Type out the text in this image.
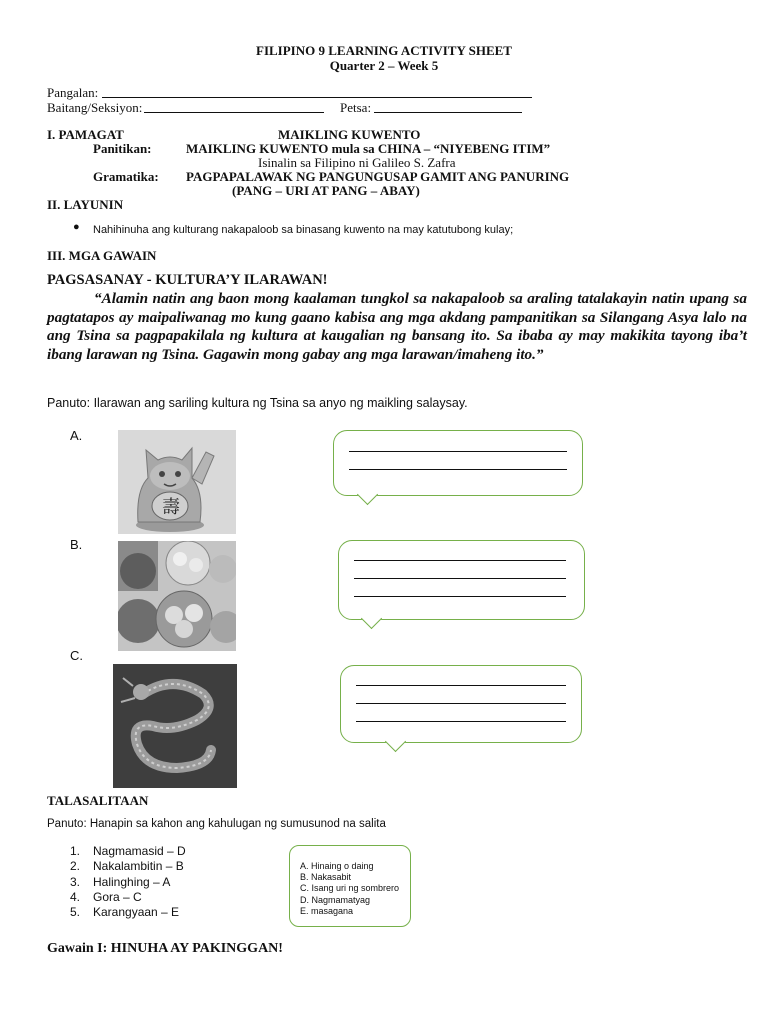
FILIPINO 9 LEARNING ACTIVITY SHEET
Quarter 2 – Week 5
Pangalan:
Baitang/Seksiyon:	Petsa:
I. PAMAGAT	MAIKLING KUWENTO
Panitikan:	MAIKLING KUWENTO mula sa CHINA – “NIYEBENG ITIM”
Isinalin sa Filipino ni Galileo S. Zafra
Gramatika: PAGPAPALAWAK NG PANGUNGUSAP GAMIT ANG PANURING
(PANG – URI AT PANG – ABAY)
II. LAYUNIN
● Nahihinuha ang kulturang nakapaloob sa binasang kuwento na may katutubong kulay;
III. MGA GAWAIN
PAGSASANAY - KULTURA’Y ILARAWAN!
“Alamin natin ang baon mong kaalaman tungkol sa nakapaloob sa araling tatalakayin natin upang sa pagtatapos ay maipaliwanag mo kung gaano kabisa ang mga akdang pampanitikan sa Silangang Asya lalo na ang Tsina sa pagpapakilala ng kultura at kaugalian ng bansang ito. Sa ibaba ay may makikita tayong iba’t ibang larawan ng Tsina. Gagawin mong gabay ang mga larawan/imaheng ito.”
Panuto: Ilarawan ang sariling kultura ng Tsina sa anyo ng maikling salaysay.
A.
壽
B.
C.
TALASALITAAN
Panuto: Hanapin sa kahon ang kahulugan ng sumusunod na salita
1. Nagmamasid – D
2. Nakalambitin – B
3. Halinghing – A
4. Gora – C
5. Karangyaan – E
A. Hinaing o daing
B. Nakasabit
C. Isang uri ng sombrero
D. Nagmamatyag
E. masagana
Gawain I: HINUHA AY PAKINGGAN!
